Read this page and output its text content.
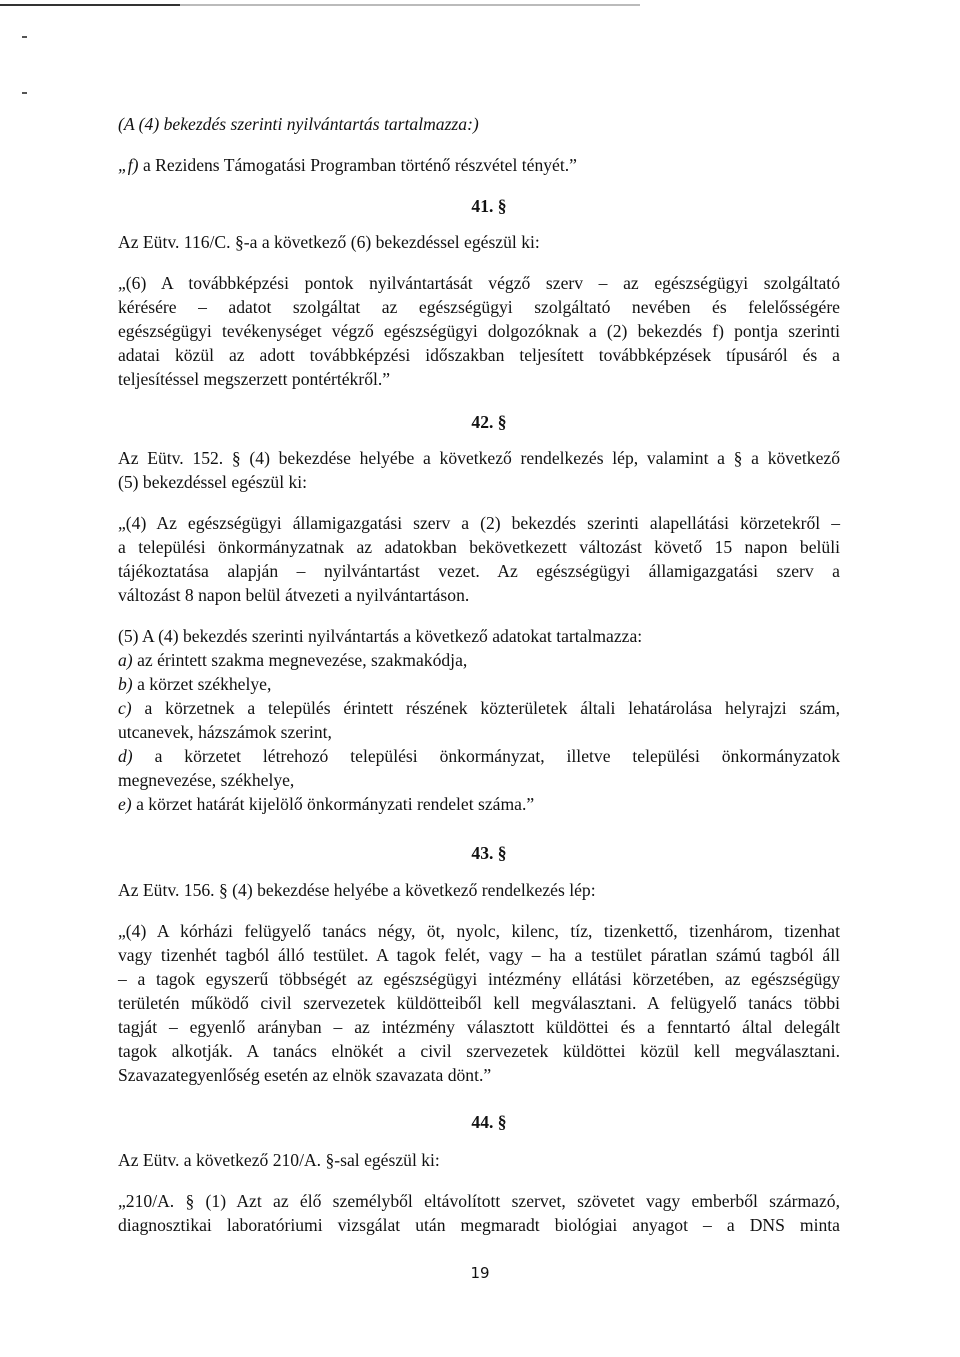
(A (4) bekezdés szerinti nyilvántartás tartalmazza:)

„f) a Rezidens Támogatási Programban történő részvétel tényét.”

41. §

Az Eütv. 116/C. §-a a következő (6) bekezdéssel egészül ki:

„(6) A továbbképzési pontok nyilvántartását végző szerv – az egészségügyi szolgáltató

kérésére – adatot szolgáltat az egészségügyi szolgáltató nevében és felelősségére

egészségügyi tevékenységet végző egészségügyi dolgozóknak a (2) bekezdés f) pontja szerinti

adatai közül az adott továbbképzési időszakban teljesített továbbképzések típusáról és a

teljesítéssel megszerzett pontértékről.”

42. §

Az Eütv. 152. § (4) bekezdése helyébe a következő rendelkezés lép, valamint a § a következő

(5) bekezdéssel egészül ki:

„(4) Az egészségügyi államigazgatási szerv a (2) bekezdés szerinti alapellátási körzetekről –

a települési önkormányzatnak az adatokban bekövetkezett változást követő 15 napon belüli

tájékoztatása alapján – nyilvántartást vezet. Az egészségügyi államigazgatási szerv a

változást 8 napon belül átvezeti a nyilvántartáson.

(5) A (4) bekezdés szerinti nyilvántartás a következő adatokat tartalmazza:

a) az érintett szakma megnevezése, szakmakódja,

b) a körzet székhelye,

c) a körzetnek a település érintett részének közterületek általi lehatárolása helyrajzi szám,

utcanevek, házszámok szerint,

d) a körzetet létrehozó települési önkormányzat, illetve települési önkormányzatok

megnevezése, székhelye,

e) a körzet határát kijelölő önkormányzati rendelet száma.”

43. §

Az Eütv. 156. § (4) bekezdése helyébe a következő rendelkezés lép:

„(4) A kórházi felügyelő tanács négy, öt, nyolc, kilenc, tíz, tizenkettő, tizenhárom, tizenhat

vagy tizenhét tagból álló testület. A tagok felét, vagy – ha a testület páratlan számú tagból áll

– a tagok egyszerű többségét az egészségügyi intézmény ellátási körzetében, az egészségügy

területén működő civil szervezetek küldötteiből kell megválasztani. A felügyelő tanács többi

tagját – egyenlő arányban – az intézmény választott küldöttei és a fenntartó által delegált

tagok alkotják. A tanács elnökét a civil szervezetek küldöttei közül kell megválasztani.

Szavazategyenlőség esetén az elnök szavazata dönt.”

44. §

Az Eütv. a következő 210/A. §-sal egészül ki:

„210/A. § (1) Azt az élő személyből eltávolított szervet, szövetet vagy emberből származó,

diagnosztikai laboratóriumi vizsgálat után megmaradt biológiai anyagot – a DNS minta

19
